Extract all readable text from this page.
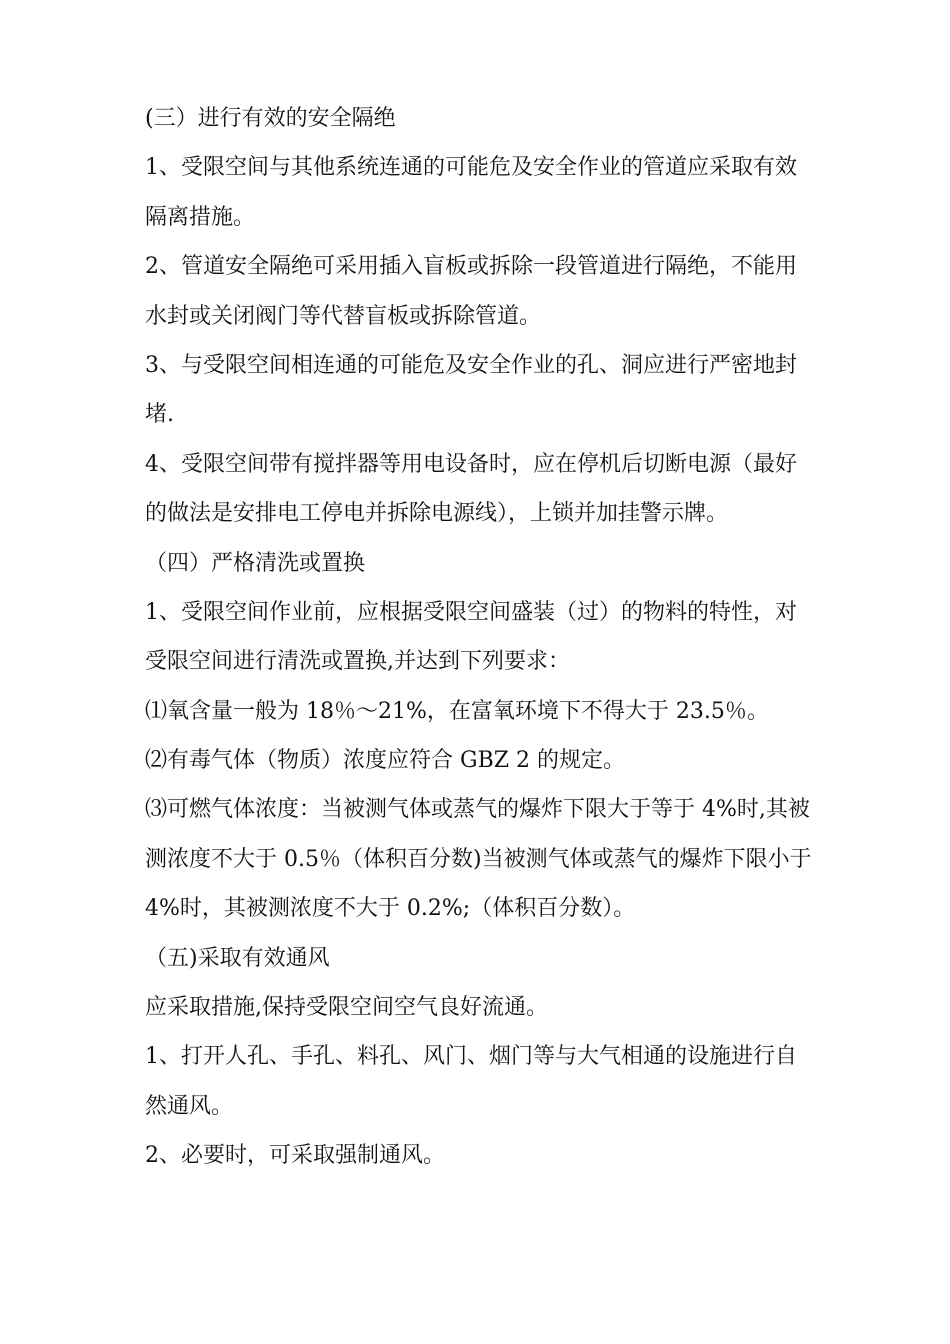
(三）进行有效的安全隔绝
1、受限空间与其他系统连通的可能危及安全作业的管道应采取有效
隔离措施。
2、管道安全隔绝可采用插入盲板或拆除一段管道进行隔绝，不能用
水封或关闭阀门等代替盲板或拆除管道。
3、与受限空间相连通的可能危及安全作业的孔、洞应进行严密地封
堵.
4、受限空间带有搅拌器等用电设备时，应在停机后切断电源（最好
的做法是安排电工停电并拆除电源线），上锁并加挂警示牌。
（四）严格清洗或置换
1、受限空间作业前，应根据受限空间盛装（过）的物料的特性，对
受限空间进行清洗或置换,并达到下列要求：
⑴氧含量一般为 18％～21%，在富氧环境下不得大于 23.5％。
⑵有毒气体（物质）浓度应符合 GBZ 2 的规定。
⑶可燃气体浓度：当被测气体或蒸气的爆炸下限大于等于 4%时,其被
测浓度不大于 0.5％（体积百分数)当被测气体或蒸气的爆炸下限小于
4%时，其被测浓度不大于 0.2%;（体积百分数）。
（五)采取有效通风
应采取措施,保持受限空间空气良好流通。
1、打开人孔、手孔、料孔、风门、烟门等与大气相通的设施进行自
然通风。
2、必要时，可采取强制通风。
